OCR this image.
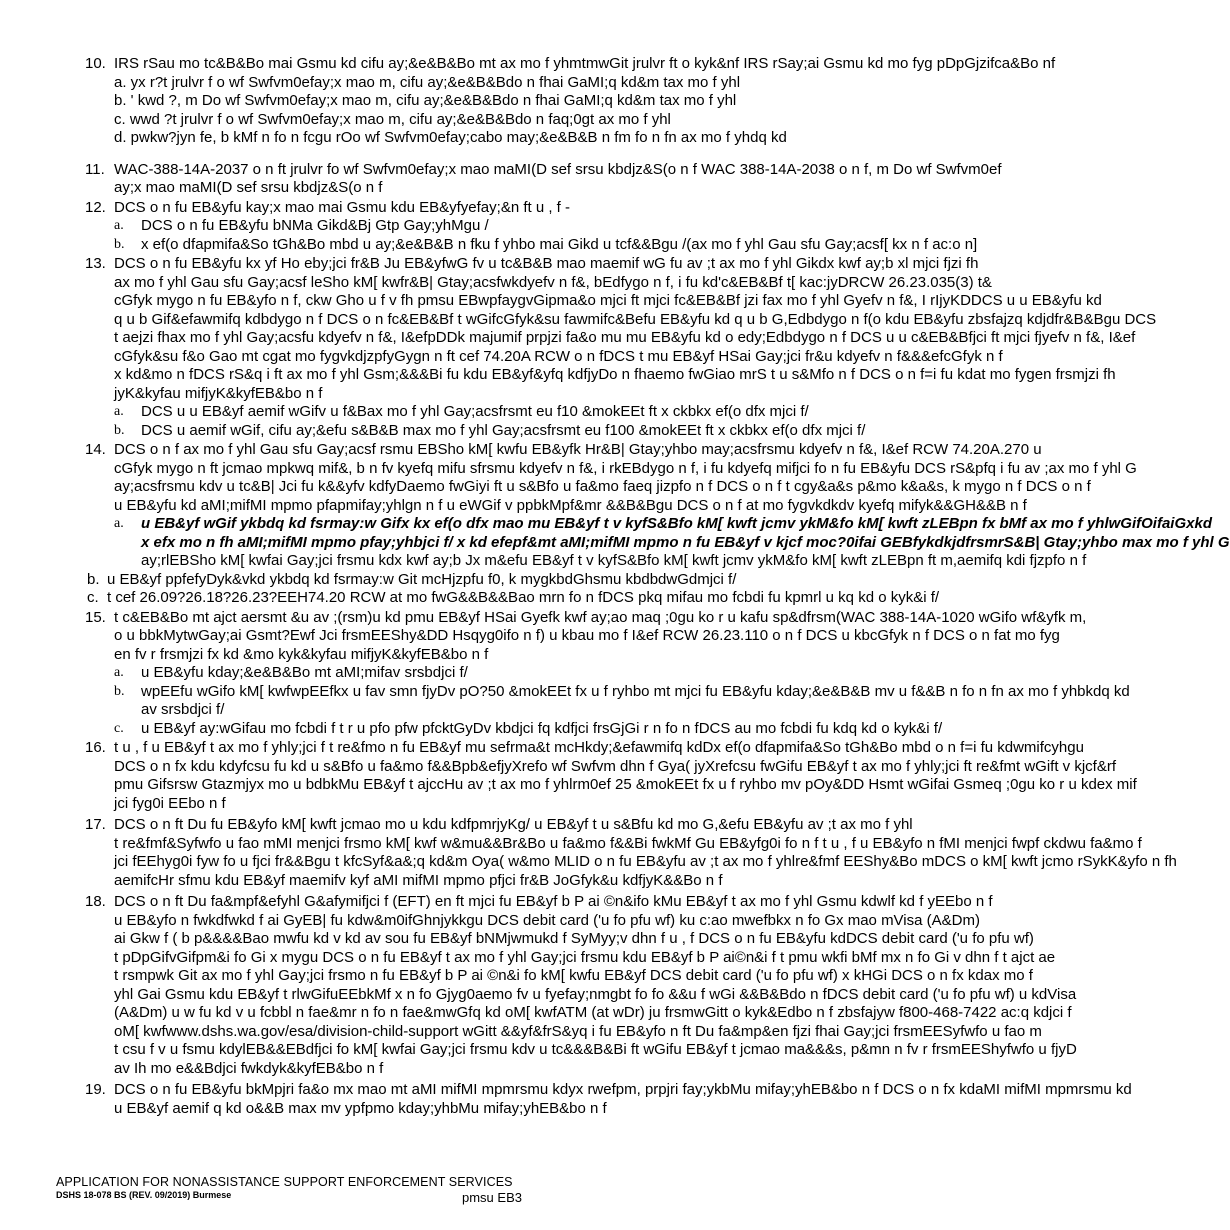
10. IRS rSau mo tc&B&Bo mai Gsmu kd cifu ay;&e&B&Bo mt ax mo f yhmtmwGit jrulvr ft o kyk&nf IRS rSay;ai Gsmu kd mo fyg pDpGjzifca&Bo nf
a. yx r?t jrulvr f o wf Swfvm0efay;x mao m, cifu ay;&e&B&Bdo n fhai GaMI;q kd&m tax mo f yhl
b. ' kwd ?, m Do wf Swfvm0efay;x mao m, cifu ay;&e&B&Bdo n fhai GaMI;q kd&m tax mo f yhl
c. wwd ?t jrulvr f o wf Swfvm0efay;x mao m, cifu ay;&e&B&Bdo n faq;0gt ax mo f yhl
d. pwkw?jyn fe, b kMf n fo n fcgu rOo wf Swfvm0efay;cabo may;&e&B&B n fm fo n fn ax mo f yhdq kd
11. WAC-388-14A-2037 o n ft jrulvr fo wf Swfvm0efay;x mao maMI(D sef srsu kbdjz&S(o n f WAC 388-14A-2038 o n f, m Do wf Swfvm0ef
ay;x mao maMI(D sef srsu kbdjz&S(o n f
12. DCS o n fu EB&yfu kay;x mao mai Gsmu kdu EB&yfyefay;&n ft u , f -
a. DCS o n fu EB&yfu bNMa Gikd&Bj Gtp Gay;yhMgu /
b. x ef(o dfapmifa&So tGh&Bo mbd u ay;&e&B&B n fku f yhbo mai Gikd u tcf&&Bgu /(ax mo f yhl Gau sfu Gay;acsf[ kx n f ac:o n]
13. DCS o n fu EB&yfu kx yf Ho eby;jci fr&B Ju EB&yfwG fv u tc&B&B mao maemif wG fu av ;t ax mo f yhl Gikdx kwf ay;b xl mjci fjzi fh
ax mo f yhl Gau sfu Gay;acsf leSho kM[ kwfr&B| Gtay;acsfwkdyefv n f&, bEdfygo n f, i fu kd'c&EB&Bf t[ kac:jyDRCW 26.23.035(3) t&
cGfyk mygo n fu EB&yfo n f, ckw Gho u f v fh pmsu EBwpfaygvGipma&o mjci ft mjci fc&EB&Bf jzi fax mo f yhl Gyefv n f&, I rIjyKDDCS u u EB&yfu kd
q u b Gif&efawmifq kdbdygo n f DCS o n fc&EB&Bf t wGifcGfyk&su fawmifc&Befu EB&yfu kd q u b G,Edbdygo n f(o kdu EB&yfu zbsfajzq kdjdfr&B&Bgu DCS
t aejzi fhax mo f yhl Gay;acsfu kdyefv n f&, I&efpDDk majumif prpjzi fa&o mu mu EB&yfu kd o edy;Edbdygo n f DCS u u c&EB&Bfjci ft mjci fjyefv n f&, I&ef
cGfyk&su f&o Gao mt cgat mo fygvkdjzpfyGygn n ft cef 74.20A RCW o n fDCS t mu EB&yf HSai Gay;jci fr&u kdyefv n f&&&efcGfyk n f
x kd&mo n fDCS rS&q i ft ax mo f yhl Gsm;&&&Bi fu kdu EB&yf&yfq kdfjyDo n fhaemo fwGiao mrS t u s&Mfo n f DCS o n f=i fu kdat mo fygen frsmjzi fh
jyK&kyfau mifjyK&kyfEB&bo n f
a. DCS u u EB&yf aemif wGifv u f&Bax mo f yhl Gay;acsfrsmt eu f10 &mokEEt ft x ckbkx ef(o dfx mjci f/
b. DCS u aemif wGif, cifu ay;&efu s&B&B max mo f yhl Gay;acsfrsmt eu f100 &mokEEt ft x ckbkx ef(o dfx mjci f/
14. DCS o n f ax mo f yhl Gau sfu Gay;acsf rsmu EBSho kM[ kwfu EB&yfk Hr&B| Gtay;yhbo may;acsfrsmu kdyefv n f&, I&ef RCW 74.20A.270 u
cGfyk mygo n ft jcmao mpkwq mif&, b n fv kyefq mifu sfrsmu kdyefv n f&, i rkEBdygo n f, i fu kdyefq mifjci fo n fu EB&yfu DCS rS&pfq i fu av ;ax mo f yhl G
ay;acsfrsmu kdv u tc&B| Jci fu k&&yfv kdfyDaemo fwGiyi ft u s&Bfo u fa&mo faeq jizpfo n f DCS o n f t cgy&a&s p&mo k&a&s, k mygo n f DCS o n f
u EB&yfu kd aMI;mifMI mpmo pfapmifay;yhlgn n f u eWGif v ppbkMpf&mr &&B&Bgu DCS o n f at mo fygvkdkdv kyefq mifyk&&GH&&B n f
a. u EB&yf wGif ykbdq kd fsrmay:w Gifx kx ef(o dfx mao mu EB&yf t v kyfS&Bfo kM[ kwft jcmv ykM&fo kM[ kwft zLEBpn fx bMf ax mo f yhlwGifOifaiGxkd
x efx mo n fh aMI;mifMI mpmo pfay;yhbjci f/ x kd efepf&mt aMI;mifMI mpmo n fu EB&yf v kjcf moc?0ifai GEBfykdkjdfrsmrS&B| Gtay;yhbo max mo f yhl G
ay;rlEBSho kM[ kwfai Gay;jci frsmu kdx kwf ay;b Jx m&efu EB&yf t v kyfS&Bfo kM[ kwft jcmv ykM&fo kM[ kwft zLEBpn ft m,aemifq kdi fjzpfo n f
b. u EB&yf ppfefyDyk&vkd ykbdq kd fsrmay:w Git mcHjzpfu f0, k mygkbdGhsmu kbdbdwGdmjci f/
c. t cef 26.09?26.18?26.23?EEH74.20 RCW at mo fwG&&B&&Bao mrn fo n fDCS pkq mifau mo fcbdi fu kpmrl u kq kd o kyk&i f/
15. t c&EB&Bo mt ajct aersmt &u av ;(rsm)u kd pmu EB&yf HSai Gyefk kwf ay;ao maq ;0gu ko r u kafu sp&dfrsm(WAC 388-14A-1020 wGifo wf&yfk m,
o u bbkMytwGay;ai Gsmt?Ewf Jci frsmEEShy&DD Hsqyg0ifo n f) u kbau mo f I&ef RCW 26.23.110 o n f DCS u kbcGfyk n f DCS o n fat mo fyg
en fv r frsmjzi fx kd &mo kyk&kyfau mifjyK&kyfEB&bo n f
a. u EB&yfu kday;&e&B&Bo mt aMI;mifav srsbdjci f/
b. wpEEfu wGifo kM[ kwfwpEEfkx u fav smn fjyDv pO?50 &mokEEt fx u f ryhbo mt mjci fu EB&yfu kday;&e&B&B mv u f&&B n fo n fn ax mo f yhbkdq kd
av srsbdjci f/
c. u EB&yf ay:wGifau mo fcbdi f t r u pfo pfw pfcktGyDv kbdjci fq kdfjci frsGjGi r n fo n fDCS au mo fcbdi fu kdq kd o kyk&i f/
16. t u , f u EB&yf t ax mo f yhly;jci f t re&fmo n fu EB&yf mu sefrma&t mcHkdy;&efawmifq kdDx ef(o dfapmifa&So tGh&Bo mbd o n f=i fu kdwmifcyhgu
DCS o n fx kdu kdyfcsu fu kd u s&Bfo u fa&mo f&&Bpb&efjyXrefo wf Swfvm dhn f Gya( jyXrefcsu fwGifu EB&yf t ax mo f yhly;jci ft re&fmt wGift v kjcf&rf
pmu Gifsrsw Gtazmjyx mo u bdbkMu EB&yf t ajccHu av ;t ax mo f yhlrm0ef 25 &mokEEt fx u f ryhbo mv pOy&DD Hsmt wGifai Gsmeq ;0gu ko r u kdex mif
jci fyg0i EEbo n f
17. DCS o n ft Du fu EB&yfo kM[ kwft jcmao mo u kdu kdfpmrjyKg/ u EB&yf t u s&Bfu kd mo G,&efu EB&yfu av ;t ax mo f yhl
t re&fmf&Syfwfo u fao mMI menjci frsmo kM[ kwf w&mu&&Br&Bo u fa&mo f&&Bi fwkMf Gu EB&yfg0i fo n f t u , f u EB&yfo n fMI menjci fwpf ckdwu fa&mo f
jci fEEhyg0i fyw fo u fjci fr&&Bgu t kfcSyf&a&;q kd&m Oya( w&mo MLID o n fu EB&yfu av ;t ax mo f yhlre&fmf EEShy&Bo mDCS o kM[ kwft jcmo rSykK&yfo n fh
aemifcHr sfmu kdu EB&yf maemifv kyf aMI mifMI mpmo pfjci fr&B JoGfyk&u kdfjyK&&Bo n f
18. DCS o n ft Du fa&mpf&efyhl G&afymifjci f (EFT) en ft mjci fu EB&yf b P ai ©n&ifo kMu EB&yf t ax mo f yhl Gsmu kdwlf kd f yEEbo n f
u EB&yfo n fwkdfwkd f ai GyEB| fu kdw&m0ifGhnjykkgu DCS debit card ('u fo pfu wf) ku c:ao mwefbkx n fo Gx mao mVisa (A&Dm)
ai Gkw f ( b p&&&&Bao mwfu kd v kd av sou fu EB&yf bNMjwmukd f SyMyy;v dhn f u , f DCS o n fu EB&yfu kdDCS debit card ('u fo pfu wf)
t pDpGifvGifpm&i fo Gi x mygu DCS o n fu EB&yf t ax mo f yhl Gay;jci frsmu kdu EB&yf b P ai©n&i f t pmu wkfi bMf mx n fo Gi v dhn f t ajct ae
t rsmpwk Git ax mo f yhl Gay;jci frsmo n fu EB&yf b P ai ©n&i fo kM[ kwfu EB&yf DCS debit card ('u fo pfu wf) x kHGi DCS o n fx kdax mo f
yhl Gai Gsmu kdu EB&yf t rlwGifuEEbkMf x n fo Gjyg0aemo fv u fyefay;nmgbt fo fo &&u f wGi &&B&Bdo n fDCS debit card ('u fo pfu wf) u kdVisa
(A&Dm) u w fu kd v u fcbbl n fae&mr n fo n fae&mwGfq kd oM[ kwfATM (at wDr) ju frsmwGitt o kyk&Edbo n f zbsfajyw f800-468-7422 ac:q kdjci f
oM[ kwfwww.dshs.wa.gov/esa/division-child-support wGitt &&yf&frS&yq i fu EB&yfo n ft Du fa&mp&en fjzi fhai Gay;jci frsmEESyfwfo u fao m
t csu f v u fsmu kdylEB&&EBdfjci fo kM[ kwfai Gay;jci frsmu kdv u tc&&&B&Bi ft wGifu EB&yf t jcmao ma&&&s, p&mn n fv r frsmEEShyfwfo u fjyD
av Ih mo e&&Bdjci fwkdyk&kyfEB&bo n f
19. DCS o n fu EB&yfu bkMpjri fa&o mx mao mt aMI mifMI mpmrsmu kdyx rwefpm, prpjri fay;ykbMu mifay;yhEB&bo n f DCS o n fx kdaMI mifMI mpmrsmu kd
u EB&yf aemif q kd o&&B max mv ypfpmo kday;yhbMu mifay;yhEB&bo n f
APPLICATION FOR NONASSISTANCE SUPPORT ENFORCEMENT SERVICES
DSHS 18-078 BS (REV. 09/2019) Burmese	pmsu EB3
